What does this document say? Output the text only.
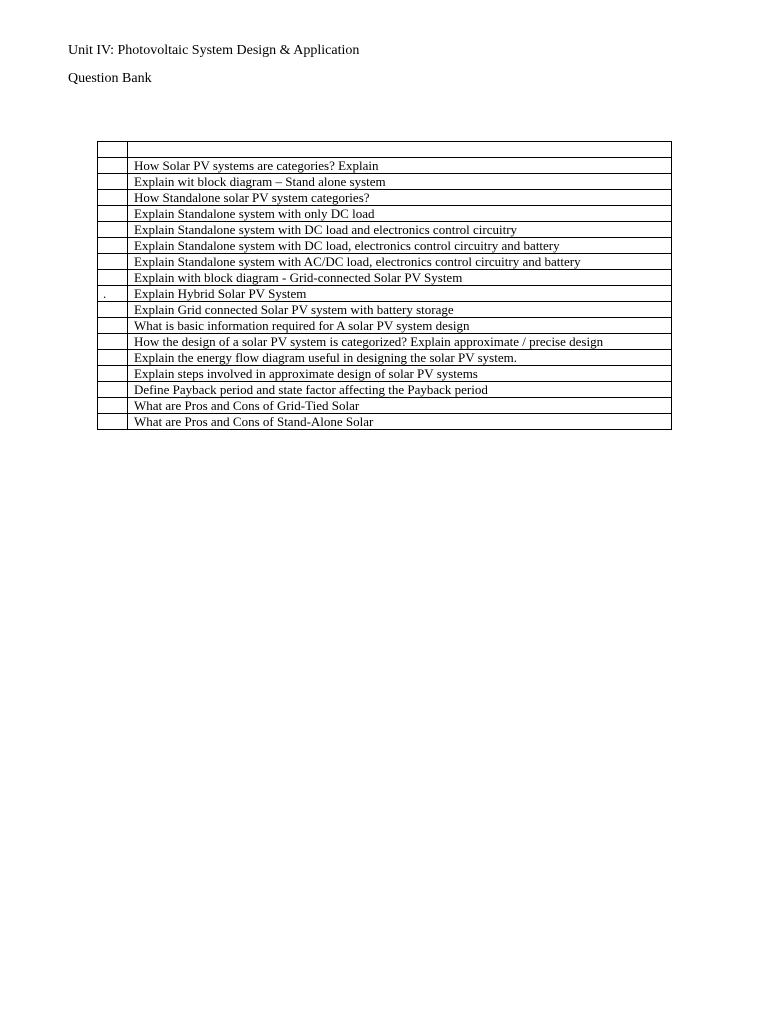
Unit IV: Photovoltaic System Design & Application
Question Bank

	How Solar PV systems are categories? Explain
	Explain wit block diagram – Stand alone system
	How Standalone solar PV system categories?
	Explain Standalone system with only DC load
	Explain Standalone system with DC load and electronics control circuitry
	Explain Standalone system with DC load, electronics control circuitry and battery
	Explain Standalone system with AC/DC load, electronics control circuitry and battery
	Explain with block diagram - Grid-connected Solar PV System
.	Explain Hybrid Solar PV System
	Explain Grid connected Solar PV system with battery storage
	What is basic information required for A solar PV system design
	How the design of a solar PV system is categorized? Explain approximate / precise design
	Explain the energy flow diagram useful in designing the solar PV system.
	Explain steps involved in approximate design of solar PV systems
	Define Payback period and state factor affecting the Payback period
	What are Pros and Cons of Grid-Tied Solar
	What are Pros and Cons of Stand-Alone Solar
